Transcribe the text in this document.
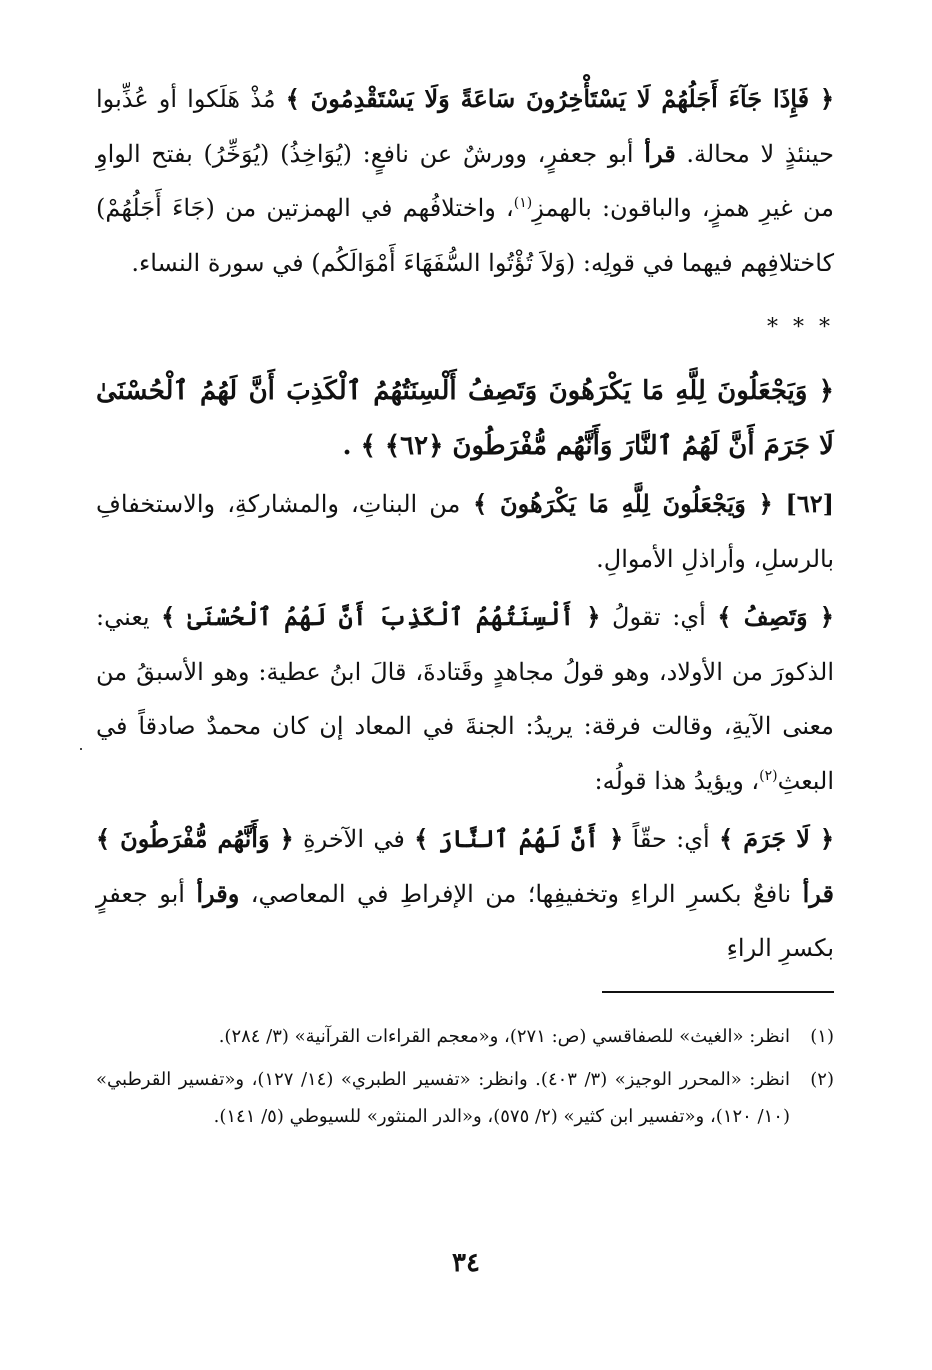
﴿ فَإِذَا جَآءَ أَجَلُهُمْ لَا يَسْتَأْخِرُونَ سَاعَةً وَلَا يَسْتَقْدِمُونَ ﴾ مُذْ هَلَكوا أو عُذِّبوا حينئذٍ لا محالة. قرأ أبو جعفرٍ، وورشٌ عن نافعٍ: (يُوَاخِذُ) (يُوَخِّرُ) بفتح الواوِ من غيرِ همزٍ، والباقون: بالهمزِ$^{(١)}$، واختلافُهم في الهمزتين من (جَاءَ أَجَلُهُمْ) كاختلافِهم فيهما في قولِه: (وَلاَ تُؤْتُوا السُّفَهَاءَ أَمْوَالَكُم) في سورة النساء.

* * *

﴿ وَيَجْعَلُونَ لِلَّهِ مَا يَكْرَهُونَ وَتَصِفُ أَلْسِنَتُهُمُ ٱلْكَذِبَ أَنَّ لَهُمُ ٱلْحُسْنَىٰ لَا جَرَمَ أَنَّ لَهُمُ ٱلنَّارَ وَأَنَّهُم مُّفْرَطُونَ ﴿٦٢﴾ ﴾ .

[٦٢] ﴿ وَيَجْعَلُونَ لِلَّهِ مَا يَكْرَهُونَ ﴾ من البناتِ، والمشاركةِ، والاستخفافِ بالرسلِ، وأراذلِ الأموالِ.

﴿ وَتَصِفُ ﴾ أي: تقولُ ﴿ أَلْسِنَتُهُمُ ٱلْكَذِبَ أَنَّ لَهُمُ ٱلْحُسْنَىٰ ﴾ يعني: الذكورَ من الأولاد، وهو قولُ مجاهدٍ وقَتادةَ، قالَ ابنُ عطية: وهو الأسبقُ من معنى الآيةِ، وقالت فرقة: يريدُ: الجنةَ في المعاد إن كان محمدٌ صادقاً في البعثِ$^{(٢)}$، ويؤيدُ هذا قولُه:

﴿ لَا جَرَمَ ﴾ أي: حقّاً ﴿ أَنَّ لَهُمُ ٱلنَّارَ ﴾ في الآخرةِ ﴿ وَأَنَّهُم مُّفْرَطُونَ ﴾ قرأ نافعٌ بكسرِ الراءِ وتخفيفِها؛ من الإفراطِ في المعاصي، وقرأ أبو جعفرٍ بكسرِ الراءِ

(١)
انظر: «الغيث» للصفاقسي (ص: ٢٧١)، و«معجم القراءات القرآنية» (٣/ ٢٨٤).
(٢)
انظر: «المحرر الوجيز» (٣/ ٤٠٣). وانظر: «تفسير الطبري» (١٤/ ١٢٧)، و«تفسير القرطبي» (١٠/ ١٢٠)، و«تفسير ابن كثير» (٢/ ٥٧٥)، و«الدر المنثور» للسيوطي (٥/ ١٤١).
٣٤
